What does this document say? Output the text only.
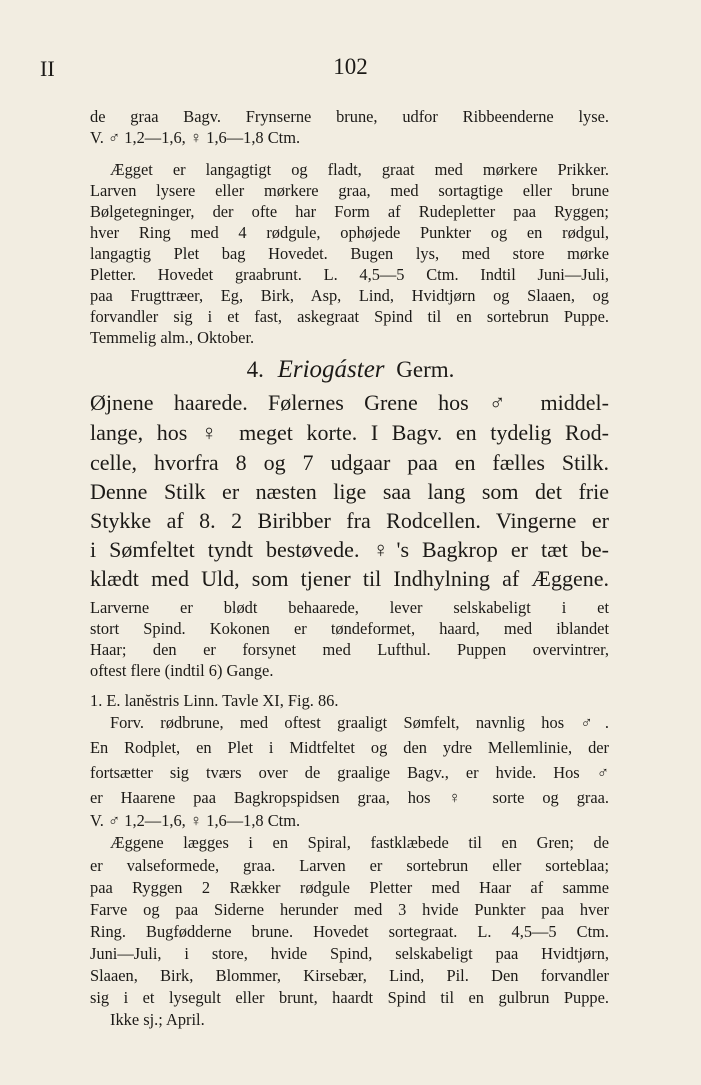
II	102
de graa Bagv. Frynserne brune, udfor Ribbeenderne lyse.
V. ♂ 1,2—1,6, ♀ 1,6—1,8 Ctm.
Ægget er langagtigt og fladt, graat med mørkere Prikker.
Larven lysere eller mørkere graa, med sortagtige eller brune
Bølgetegninger, der ofte har Form af Rudepletter paa Ryggen;
hver Ring med 4 rødgule, ophøjede Punkter og en rødgul,
langagtig Plet bag Hovedet. Bugen lys, med store mørke
Pletter. Hovedet graabrunt. L. 4,5—5 Ctm. Indtil Juni—Juli,
paa Frugttræer, Eg, Birk, Asp, Lind, Hvidtjørn og Slaaen, og
forvandler sig i et fast, askegraat Spind til en sortebrun Puppe.
Temmelig alm., Oktober.
4. Eriogáster Germ.
Øjnene haarede. Følernes Grene hos ♂ middel-
lange, hos ♀ meget korte. I Bagv. en tydelig Rod-
celle, hvorfra 8 og 7 udgaar paa en fælles Stilk.
Denne Stilk er næsten lige saa lang som det frie
Stykke af 8. 2 Biribber fra Rodcellen. Vingerne er
i Sømfeltet tyndt bestøvede. ♀'s Bagkrop er tæt be-
klædt med Uld, som tjener til Indhylning af Æggene.
Larverne er blødt behaarede, lever selskabeligt i et
stort Spind. Kokonen er tøndeformet, haard, med iblandet
Haar; den er forsynet med Lufthul. Puppen overvintrer,
oftest flere (indtil 6) Gange.
1. E. lanĕstris Linn. Tavle XI, Fig. 86.
Forv. rødbrune, med oftest graaligt Sømfelt, navnlig hos ♂.
En Rodplet, en Plet i Midtfeltet og den ydre Mellemlinie, der
fortsætter sig tværs over de graalige Bagv., er hvide. Hos ♂
er Haarene paa Bagkropspidsen graa, hos ♀ sorte og graa.
V. ♂ 1,2—1,6, ♀ 1,6—1,8 Ctm.
Æggene lægges i en Spiral, fastklæbede til en Gren; de
er valseformede, graa. Larven er sortebrun eller sorteblaa;
paa Ryggen 2 Rækker rødgule Pletter med Haar af samme
Farve og paa Siderne herunder med 3 hvide Punkter paa hver
Ring. Bugfødderne brune. Hovedet sortegraat. L. 4,5—5 Ctm.
Juni—Juli, i store, hvide Spind, selskabeligt paa Hvidtjørn,
Slaaen, Birk, Blommer, Kirsebær, Lind, Pil. Den forvandler
sig i et lysegult eller brunt, haardt Spind til en gulbrun Puppe.
Ikke sj.; April.
